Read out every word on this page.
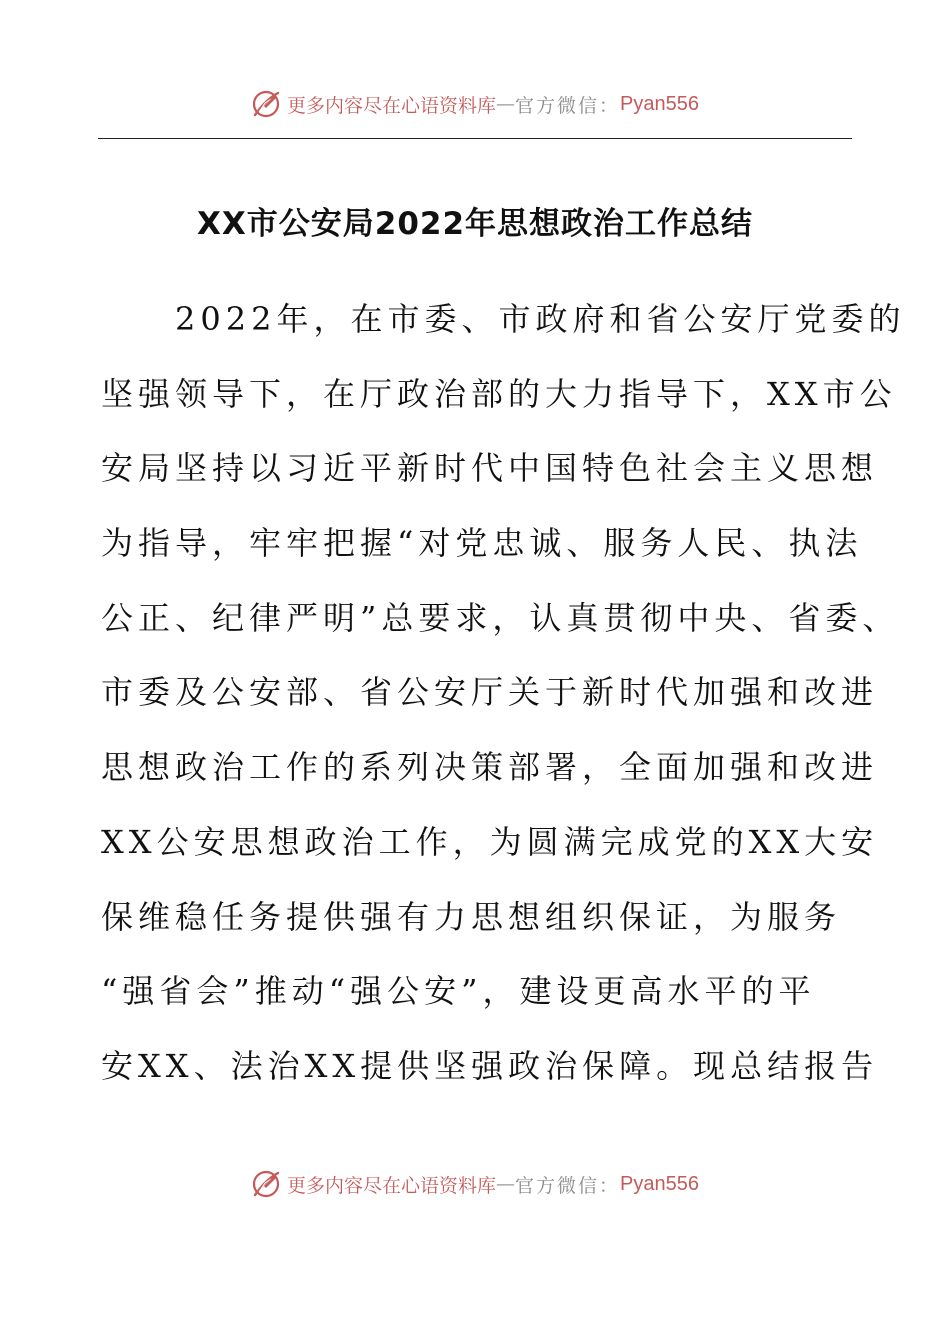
更多内容尽在心语资料库 — 官方微信： Pyan556
XX市公安局2022年思想政治工作总结
　　2022年，在市委、市政府和省公安厅党委的
坚强领导下，在厅政治部的大力指导下，XX市公
安局坚持以习近平新时代中国特色社会主义思想
为指导，牢牢把握“对党忠诚、服务人民、执法
公正、纪律严明”总要求，认真贯彻中央、省委、
市委及公安部、省公安厅关于新时代加强和改进
思想政治工作的系列决策部署，全面加强和改进
XX公安思想政治工作，为圆满完成党的XX大安
保维稳任务提供强有力思想组织保证，为服务
“强省会”推动“强公安”，建设更高水平的平
安XX、法治XX提供坚强政治保障。现总结报告
更多内容尽在心语资料库 — 官方微信： Pyan556
